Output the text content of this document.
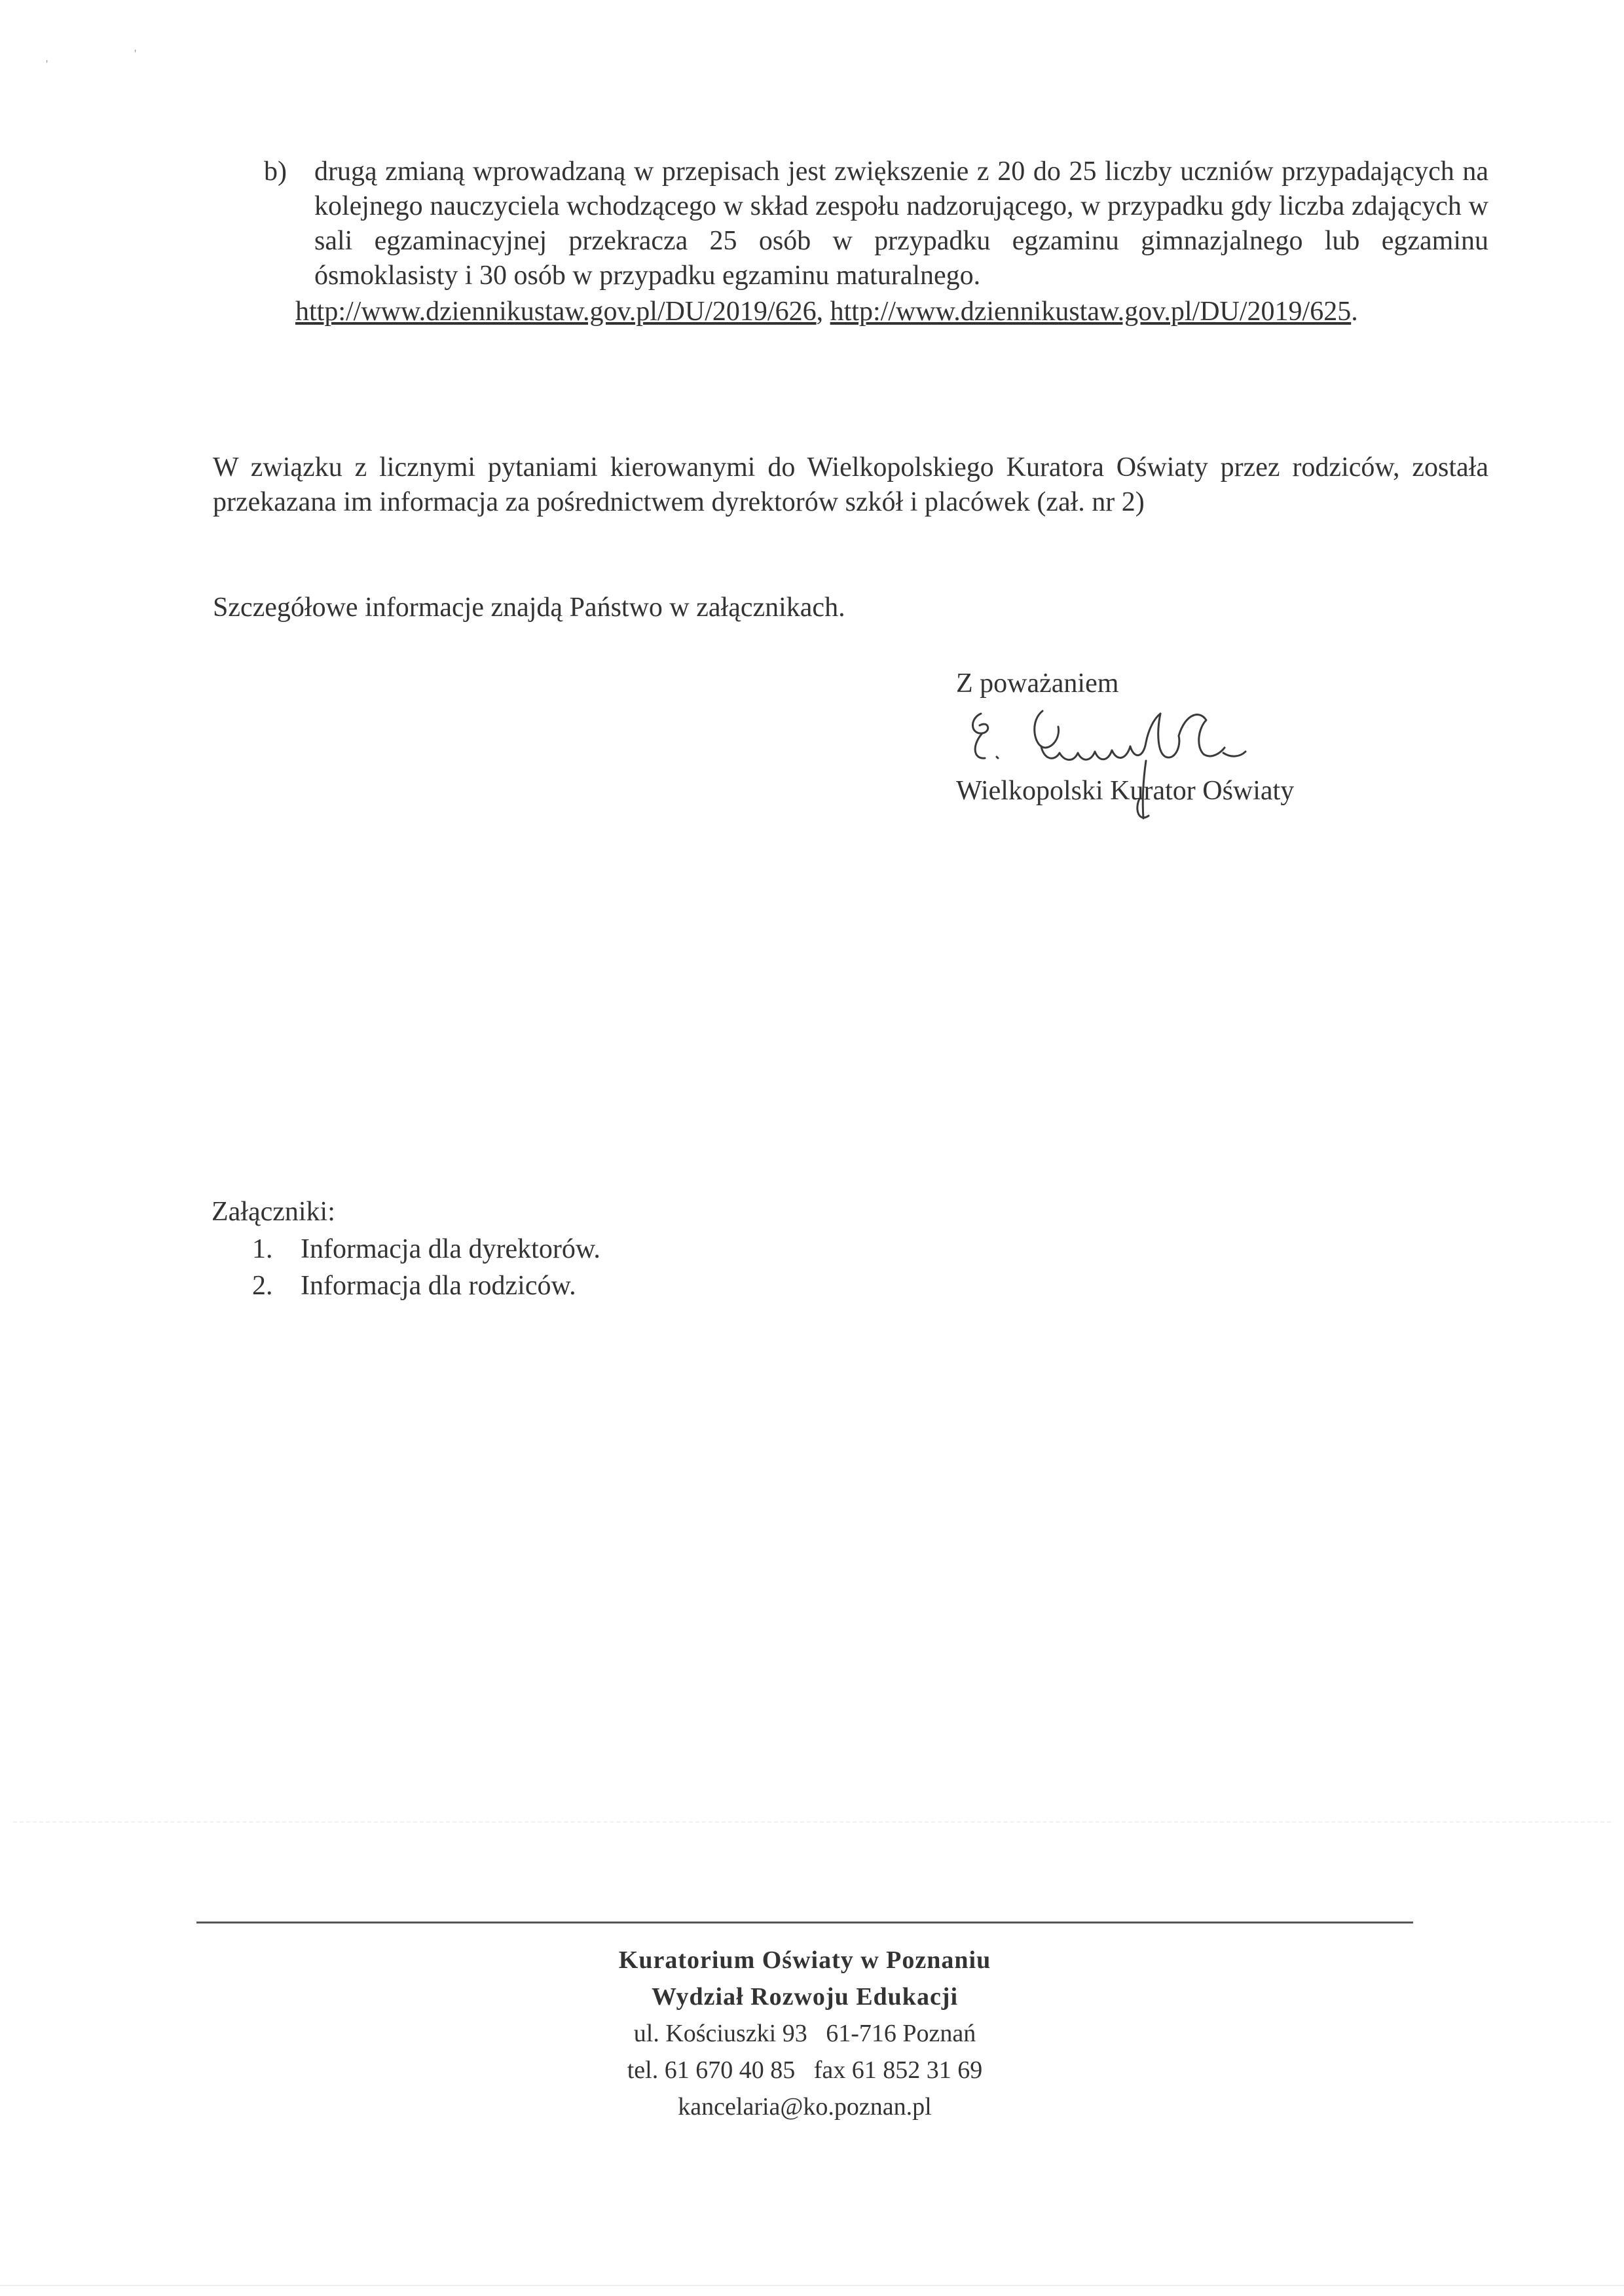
'
'
b) drugą zmianą wprowadzaną w przepisach jest zwiększenie z 20 do 25 liczby uczniów przypadających na kolejnego nauczyciela wchodzącego w skład zespołu nadzorującego, w przypadku gdy liczba zdających w sali egzaminacyjnej przekracza 25 osób w przypadku egzaminu gimnazjalnego lub egzaminu ósmoklasisty i 30 osób w przypadku egzaminu maturalnego.
http://www.dziennikustaw.gov.pl/DU/2019/626, http://www.dziennikustaw.gov.pl/DU/2019/625.
W związku z licznymi pytaniami kierowanymi do Wielkopolskiego Kuratora Oświaty przez rodziców, została przekazana im informacja za pośrednictwem dyrektorów szkół i placówek (zał. nr 2)
Szczegółowe informacje znajdą Państwo w załącznikach.
Z poważaniem
Wielkopolski Kurator Oświaty
Załączniki:
1.	Informacja dla dyrektorów.
2.	Informacja dla rodziców.
Kuratorium Oświaty w Poznaniu
Wydział Rozwoju Edukacji
ul. Kościuszki 93   61-716 Poznań
tel. 61 670 40 85   fax 61 852 31 69
kancelaria@ko.poznan.pl
